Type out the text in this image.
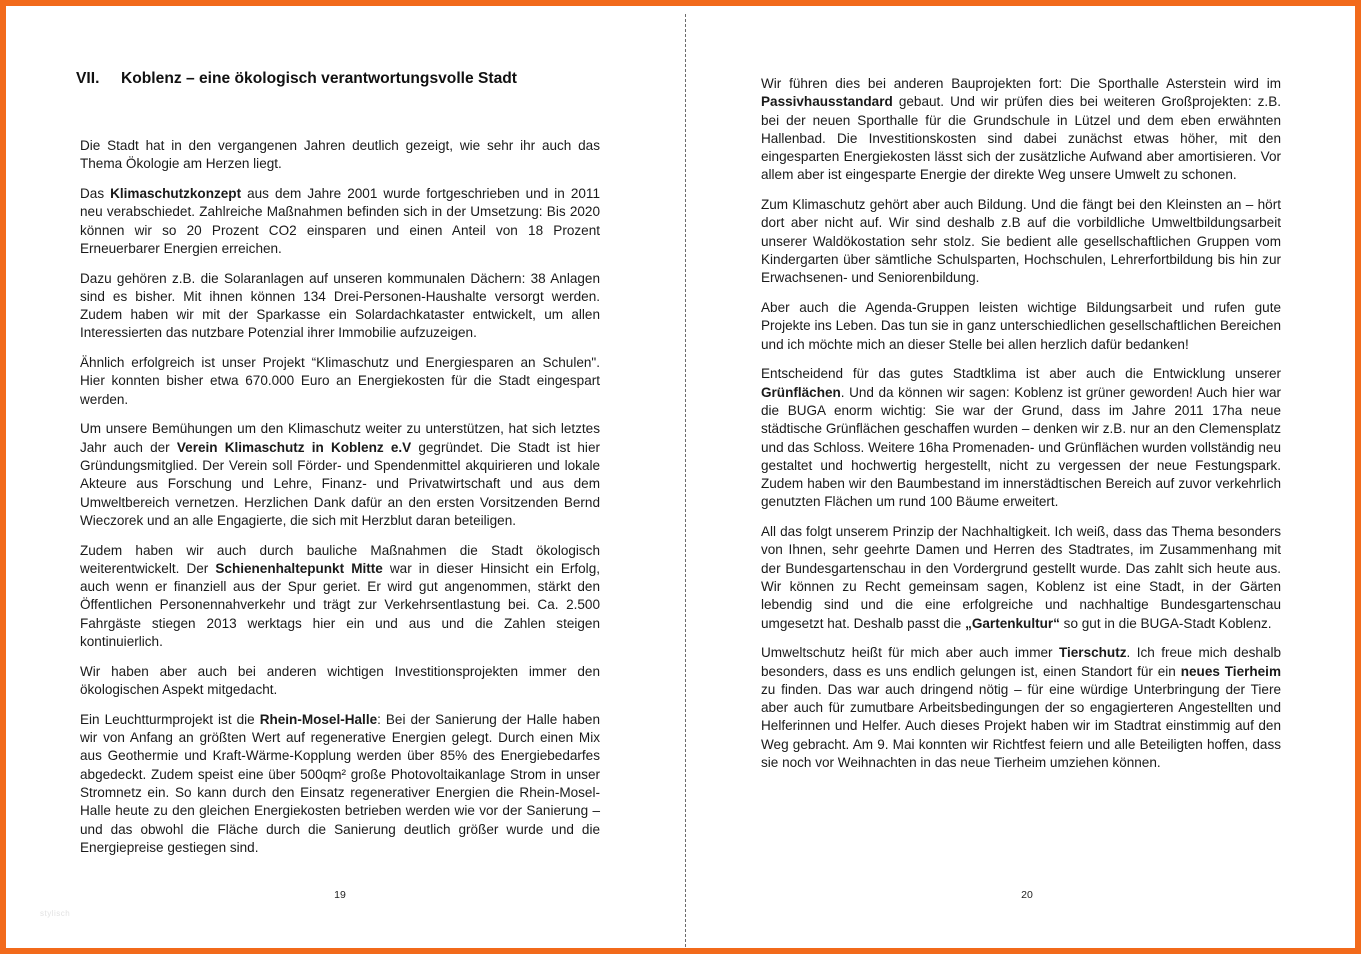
VII. Koblenz – eine ökologisch verantwortungsvolle Stadt

Die Stadt hat in den vergangenen Jahren deutlich gezeigt, wie sehr ihr auch das Thema Ökologie am Herzen liegt.

Das Klimaschutzkonzept aus dem Jahre 2001 wurde fortgeschrieben und in 2011 neu verabschiedet. Zahlreiche Maßnahmen befinden sich in der Umsetzung: Bis 2020 können wir so 20 Prozent CO2 einsparen und einen Anteil von 18 Prozent Erneuerbarer Energien erreichen.

Dazu gehören z.B. die Solaranlagen auf unseren kommunalen Dächern: 38 Anlagen sind es bisher. Mit ihnen können 134 Drei-Personen-Haushalte versorgt werden. Zudem haben wir mit der Sparkasse ein Solardachkataster entwickelt, um allen Interessierten das nutzbare Potenzial ihrer Immobilie aufzuzeigen.

Ähnlich erfolgreich ist unser Projekt “Klimaschutz und Energiesparen an Schulen". Hier konnten bisher etwa 670.000 Euro an Energiekosten für die Stadt eingespart werden.

Um unsere Bemühungen um den Klimaschutz weiter zu unterstützen, hat sich letztes Jahr auch der Verein Klimaschutz in Koblenz e.V gegründet. Die Stadt ist hier Gründungsmitglied. Der Verein soll Förder- und Spendenmittel akquirieren und lokale Akteure aus Forschung und Lehre, Finanz- und Privatwirtschaft und aus dem Umweltbereich vernetzen. Herzlichen Dank dafür an den ersten Vorsitzenden Bernd Wieczorek und an alle Engagierte, die sich mit Herzblut daran beteiligen.

Zudem haben wir auch durch bauliche Maßnahmen die Stadt ökologisch weiterentwickelt. Der Schienenhaltepunkt Mitte war in dieser Hinsicht ein Erfolg, auch wenn er finanziell aus der Spur geriet. Er wird gut angenommen, stärkt den Öffentlichen Personennahverkehr und trägt zur Verkehrsentlastung bei. Ca. 2.500 Fahrgäste stiegen 2013 werktags hier ein und aus und die Zahlen steigen kontinuierlich.

Wir haben aber auch bei anderen wichtigen Investitionsprojekten immer den ökologischen Aspekt mitgedacht.

Ein Leuchtturmprojekt ist die Rhein-Mosel-Halle: Bei der Sanierung der Halle haben wir von Anfang an größten Wert auf regenerative Energien gelegt. Durch einen Mix aus Geothermie und Kraft-Wärme-Kopplung werden über 85% des Energiebedarfes abgedeckt. Zudem speist eine über 500qm² große Photovoltaikanlage Strom in unser Stromnetz ein. So kann durch den Einsatz regenerativer Energien die Rhein-Mosel-Halle heute zu den gleichen Energiekosten betrieben werden wie vor der Sanierung – und das obwohl die Fläche durch die Sanierung deutlich größer wurde und die Energiepreise gestiegen sind.

19
stylisch

Wir führen dies bei anderen Bauprojekten fort: Die Sporthalle Asterstein wird im Passivhausstandard gebaut. Und wir prüfen dies bei weiteren Großprojekten: z.B. bei der neuen Sporthalle für die Grundschule in Lützel und dem eben erwähnten Hallenbad. Die Investitionskosten sind dabei zunächst etwas höher, mit den eingesparten Energiekosten lässt sich der zusätzliche Aufwand aber amortisieren. Vor allem aber ist eingesparte Energie der direkte Weg unsere Umwelt zu schonen.

Zum Klimaschutz gehört aber auch Bildung. Und die fängt bei den Kleinsten an – hört dort aber nicht auf. Wir sind deshalb z.B auf die vorbildliche Umweltbildungsarbeit unserer Waldökostation sehr stolz. Sie bedient alle gesellschaftlichen Gruppen vom Kindergarten über sämtliche Schulsparten, Hochschulen, Lehrerfortbildung bis hin zur Erwachsenen- und Seniorenbildung.

Aber auch die Agenda-Gruppen leisten wichtige Bildungsarbeit und rufen gute Projekte ins Leben. Das tun sie in ganz unterschiedlichen gesellschaftlichen Bereichen und ich möchte mich an dieser Stelle bei allen herzlich dafür bedanken!

Entscheidend für das gutes Stadtklima ist aber auch die Entwicklung unserer Grünflächen. Und da können wir sagen: Koblenz ist grüner geworden! Auch hier war die BUGA enorm wichtig: Sie war der Grund, dass im Jahre 2011 17ha neue städtische Grünflächen geschaffen wurden – denken wir z.B. nur an den Clemensplatz und das Schloss. Weitere 16ha Promenaden- und Grünflächen wurden vollständig neu gestaltet und hochwertig hergestellt, nicht zu vergessen der neue Festungspark. Zudem haben wir den Baumbestand im innerstädtischen Bereich auf zuvor verkehrlich genutzten Flächen um rund 100 Bäume erweitert.

All das folgt unserem Prinzip der Nachhaltigkeit. Ich weiß, dass das Thema besonders von Ihnen, sehr geehrte Damen und Herren des Stadtrates, im Zusammenhang mit der Bundesgartenschau in den Vordergrund gestellt wurde. Das zahlt sich heute aus. Wir können zu Recht gemeinsam sagen, Koblenz ist eine Stadt, in der Gärten lebendig sind und die eine erfolgreiche und nachhaltige Bundesgartenschau umgesetzt hat. Deshalb passt die „Gartenkultur“ so gut in die BUGA-Stadt Koblenz.

Umweltschutz heißt für mich aber auch immer Tierschutz. Ich freue mich deshalb besonders, dass es uns endlich gelungen ist, einen Standort für ein neues Tierheim zu finden. Das war auch dringend nötig – für eine würdige Unterbringung der Tiere aber auch für zumutbare Arbeitsbedingungen der so engagierteren Angestellten und Helferinnen und Helfer. Auch dieses Projekt haben wir im Stadtrat einstimmig auf den Weg gebracht. Am 9. Mai konnten wir Richtfest feiern und alle Beteiligten hoffen, dass sie noch vor Weihnachten in das neue Tierheim umziehen können.

20
